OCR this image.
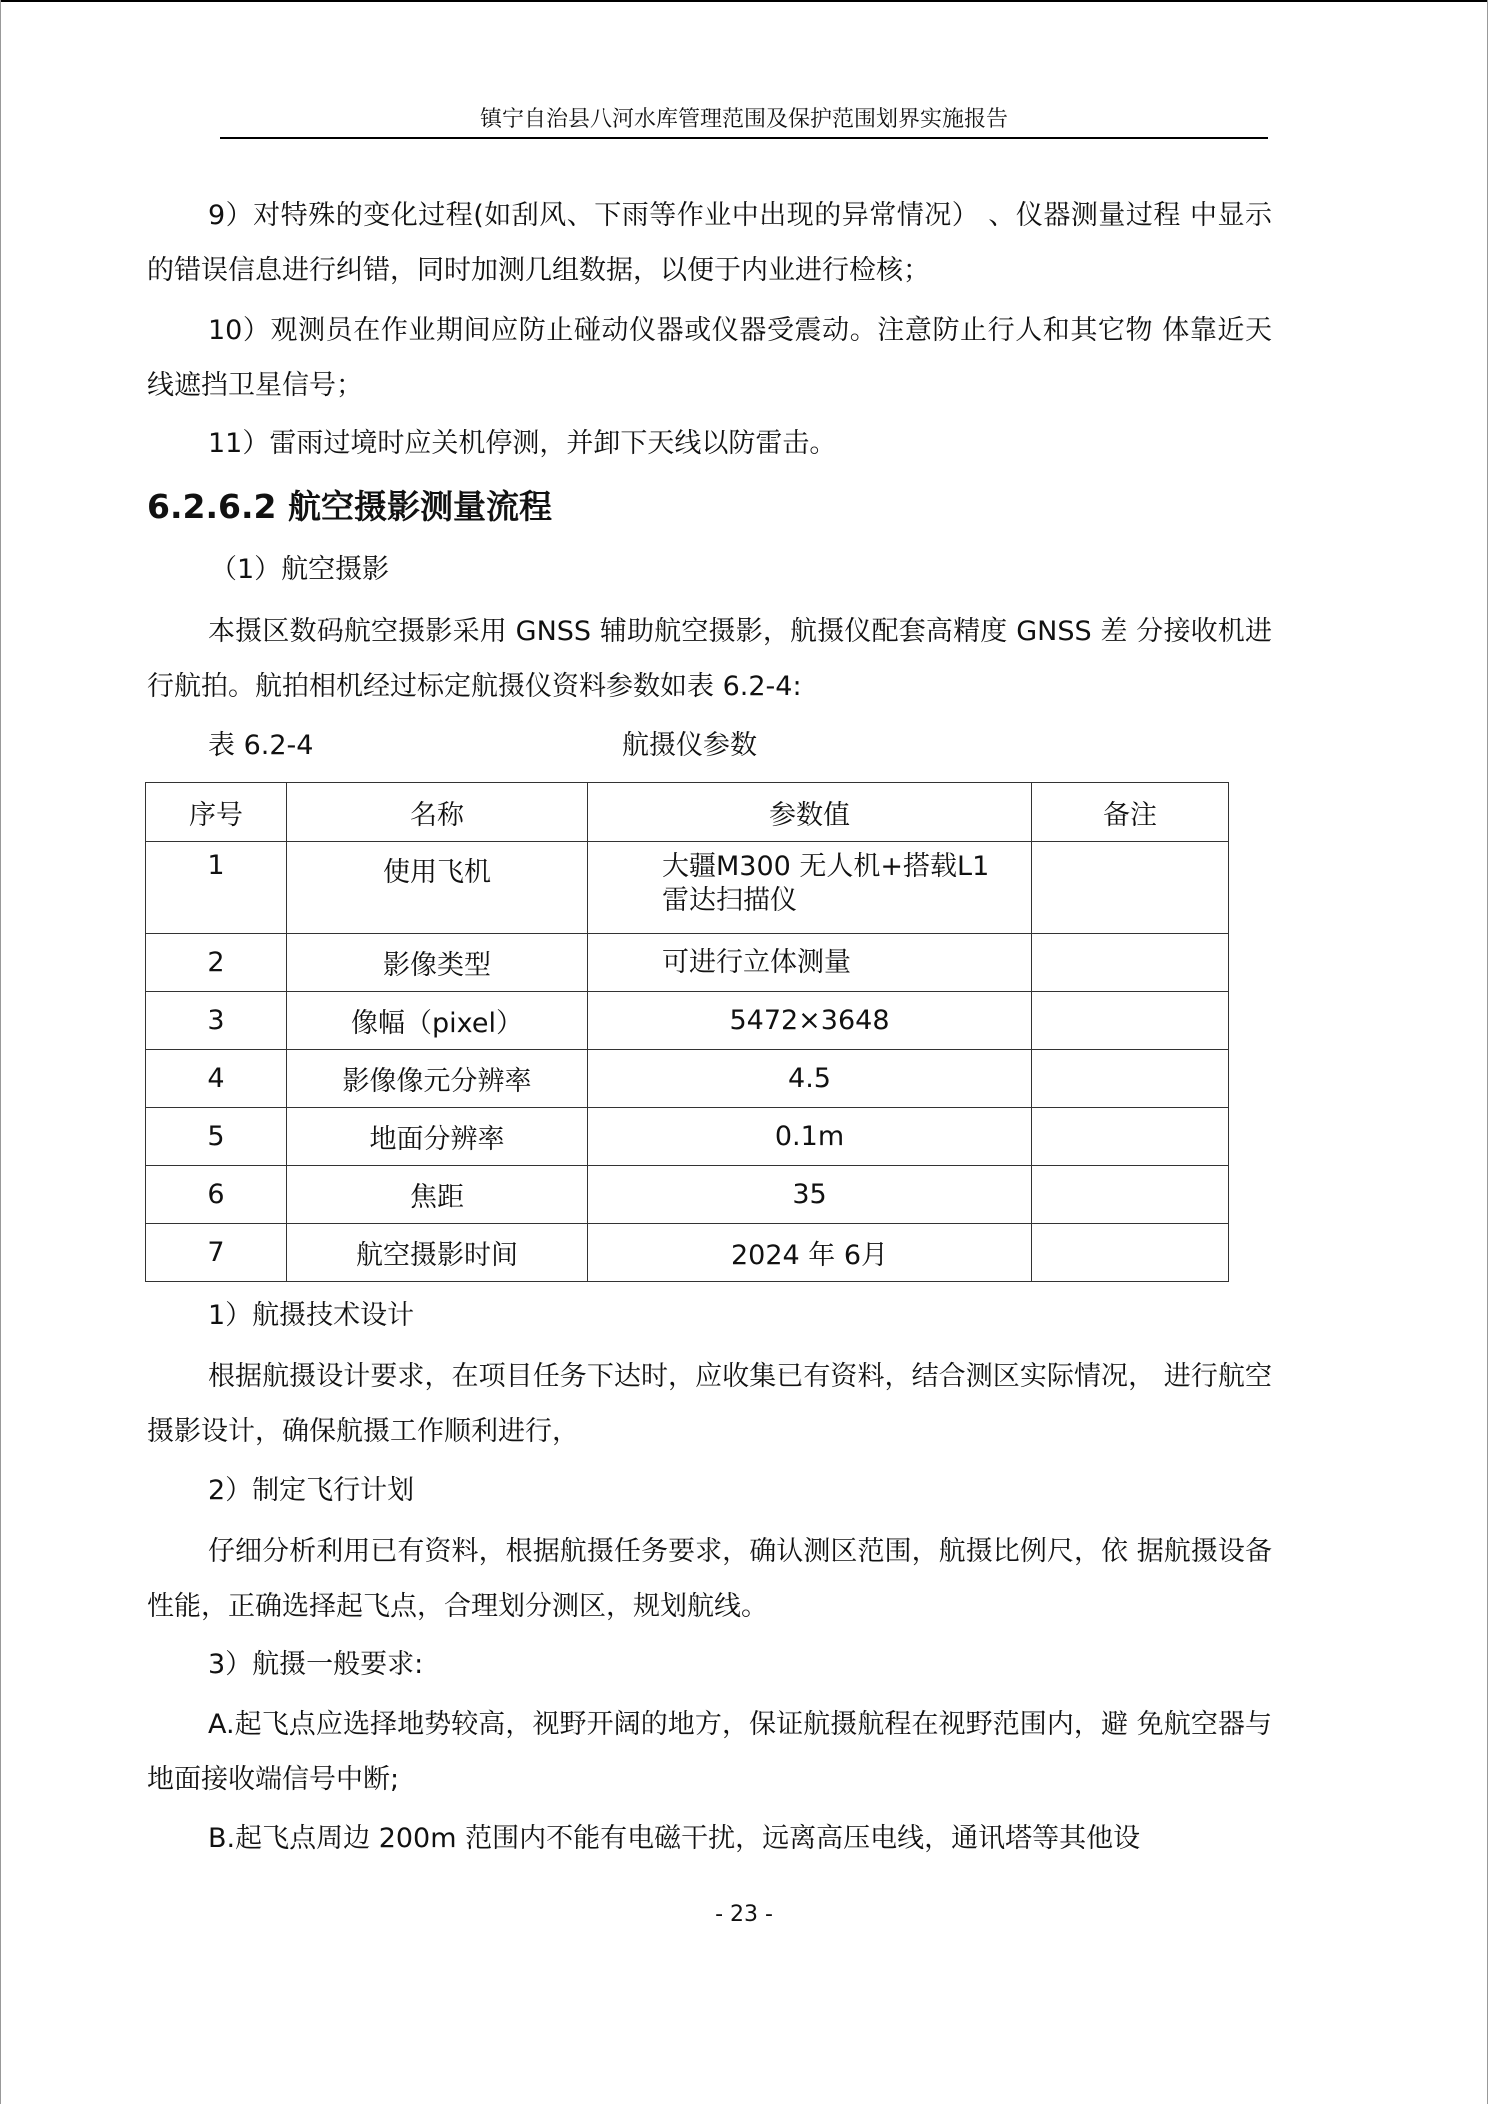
镇宁自治县八河水库管理范围及保护范围划界实施报告

9）对特殊的变化过程(如刮风、下雨等作业中出现的异常情况） 、仪器测量过程 中显示的错误信息进行纠错，同时加测几组数据，以便于内业进行检核；

10）观测员在作业期间应防止碰动仪器或仪器受震动。注意防止行人和其它物 体靠近天线遮挡卫星信号；

11）雷雨过境时应关机停测，并卸下天线以防雷击。

6.2.6.2 航空摄影测量流程
（1）航空摄影

本摄区数码航空摄影采用 GNSS 辅助航空摄影，航摄仪配套高精度 GNSS 差 分接收机进行航拍。航拍相机经过标定航摄仪资料参数如表 6.2-4:

表 6.2-4	航摄仪参数
序号	名称	参数值	备注
1	使用飞机	大疆M300 无人机+搭载L1
雷达扫描仪	

2	影像类型	可进行立体测量	
3	像幅（pixel）	5472×3648	
4	影像像元分辨率	4.5	
5	地面分辨率	0.1m	
6	焦距	35	
7	航空摄影时间	2024 年 6月	
1）航摄技术设计

根据航摄设计要求，在项目任务下达时，应收集已有资料，结合测区实际情况， 进行航空摄影设计，确保航摄工作顺利进行，

2）制定飞行计划

仔细分析利用已有资料，根据航摄任务要求，确认测区范围，航摄比例尺，依 据航摄设备性能，正确选择起飞点，合理划分测区，规划航线。

3）航摄一般要求:

A.起飞点应选择地势较高，视野开阔的地方，保证航摄航程在视野范围内，避 免航空器与地面接收端信号中断;

B.起飞点周边 200m 范围内不能有电磁干扰，远离高压电线，通讯塔等其他设

- 23 -
